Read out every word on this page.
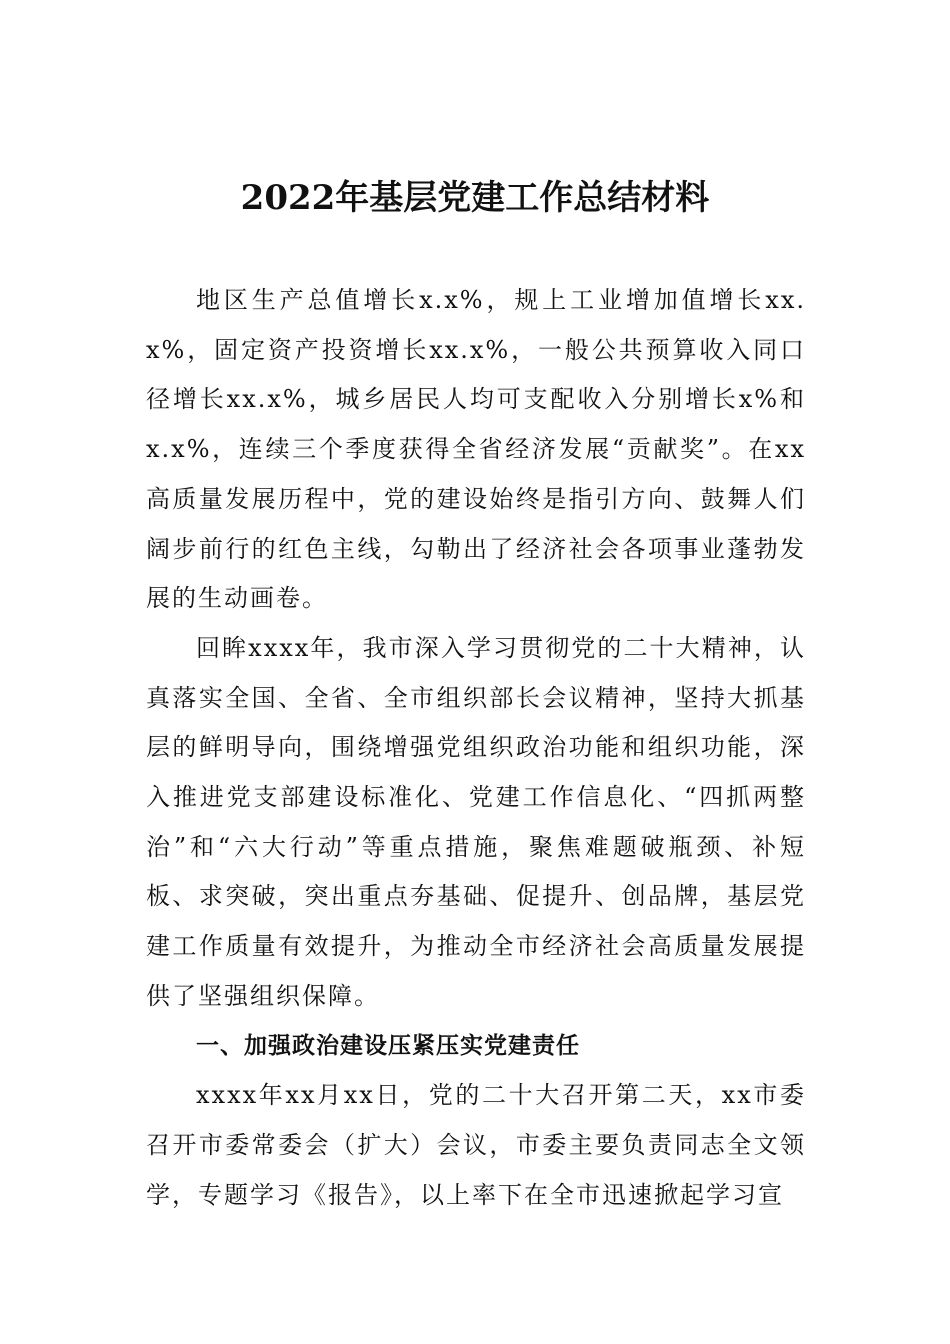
2022年基层党建工作总结材料

地区生产总值增长x.x%，规上工业增加值增长xx.x%，固定资产投资增长xx.x%，一般公共预算收入同口径增长xx.x%，城乡居民人均可支配收入分别增长x%和x.x%，连续三个季度获得全省经济发展“贡献奖”。在xx高质量发展历程中，党的建设始终是指引方向、鼓舞人们阔步前行的红色主线，勾勒出了经济社会各项事业蓬勃发展的生动画卷。

回眸xxxx年，我市深入学习贯彻党的二十大精神，认真落实全国、全省、全市组织部长会议精神，坚持大抓基层的鲜明导向，围绕增强党组织政治功能和组织功能，深入推进党支部建设标准化、党建工作信息化、“四抓两整治”和“六大行动”等重点措施，聚焦难题破瓶颈、补短板、求突破，突出重点夯基础、促提升、创品牌，基层党建工作质量有效提升，为推动全市经济社会高质量发展提供了坚强组织保障。

一、加强政治建设压紧压实党建责任

xxxx年xx月xx日，党的二十大召开第二天，xx市委召开市委常委会（扩大）会议，市委主要负责同志全文领学，专题学习《报告》，以上率下在全市迅速掀起学习宣
